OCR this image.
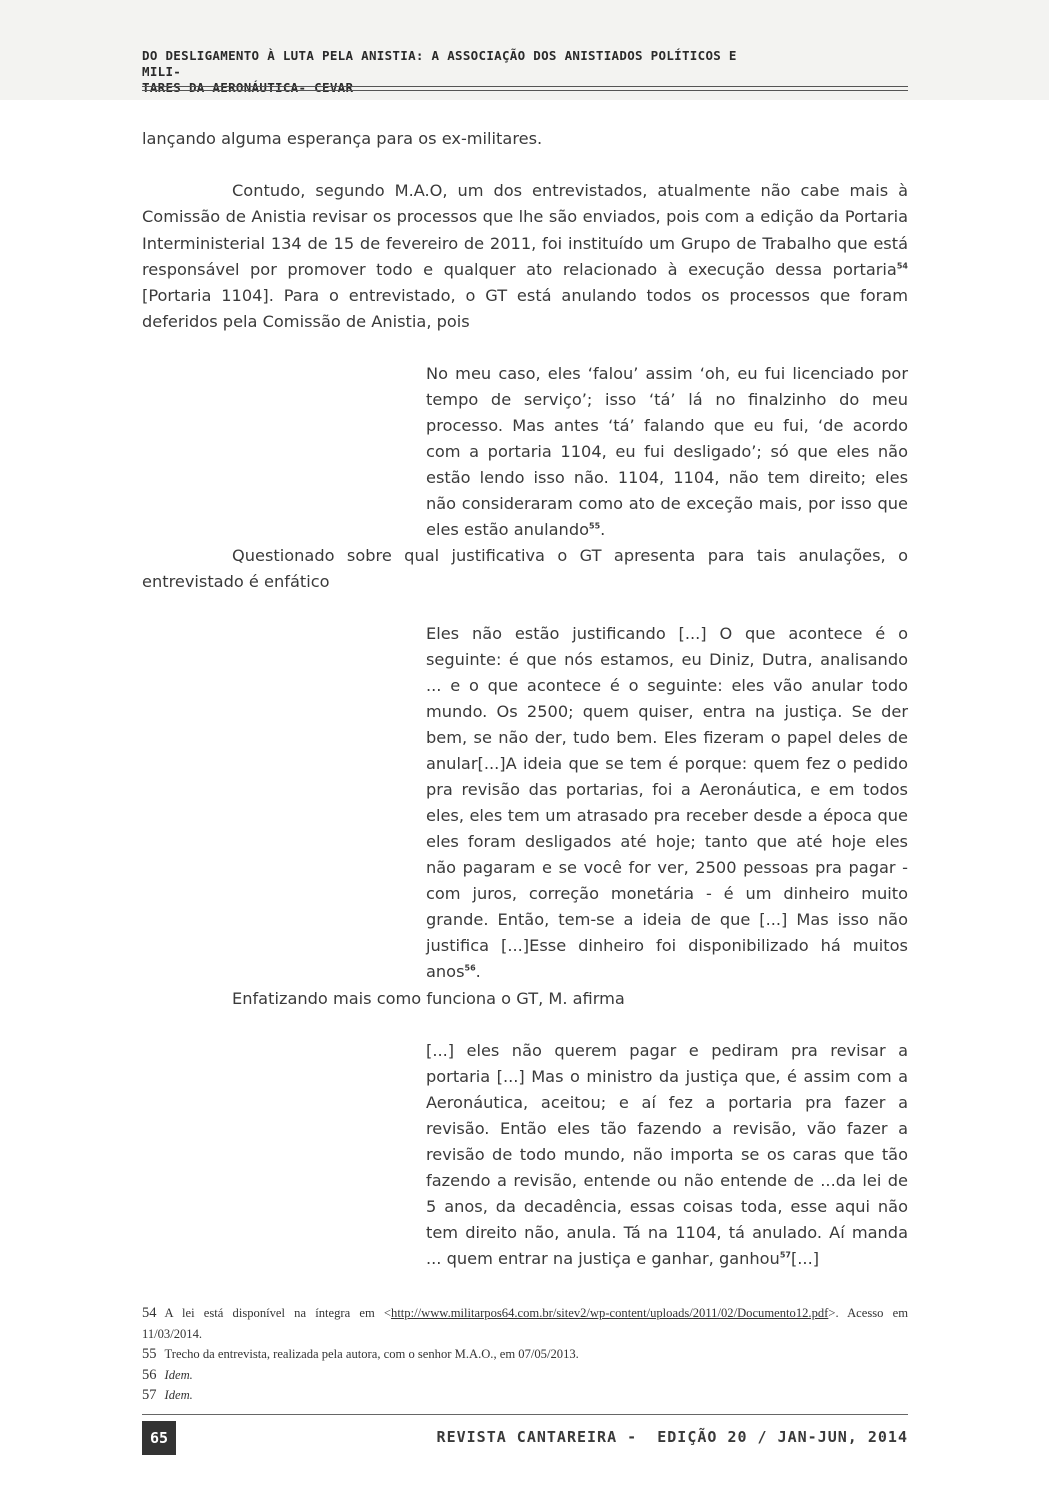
DO DESLIGAMENTO À LUTA PELA ANISTIA: A ASSOCIAÇÃO DOS ANISTIADOS POLÍTICOS E MILI-
TARES DA AERONÁUTICA- CEVAR

lançando alguma esperança para os ex-militares.

Contudo, segundo M.A.O, um dos entrevistados, atualmente não cabe mais à Comissão de Anistia revisar os processos que lhe são enviados, pois com a edição da Portaria Interministerial 134 de 15 de fevereiro de 2011, foi instituído um Grupo de Trabalho que está responsável por promover todo e qualquer ato relacionado à execução dessa portaria$^{54}$ [Portaria 1104]. Para o entrevistado, o GT está anulando todos os processos que foram deferidos pela Comissão de Anistia, pois

No meu caso, eles ‘falou’ assim ‘oh, eu fui licenciado por tempo de serviço’; isso ‘tá’ lá no finalzinho do meu processo. Mas antes ‘tá’ falando que eu fui, ‘de acordo com a portaria 1104, eu fui desligado’; só que eles não estão lendo isso não. 1104, 1104, não tem direito; eles não consideraram como ato de exceção mais, por isso que eles estão anulando$^{55}$.

Questionado sobre qual justificativa o GT apresenta para tais anulações, o entrevistado é enfático

Eles não estão justificando [...] O que acontece é o seguinte: é que nós estamos, eu Diniz, Dutra, analisando ... e o que acontece é o seguinte: eles vão anular todo mundo. Os 2500; quem quiser, entra na justiça. Se der bem, se não der, tudo bem. Eles fizeram o papel deles de anular[...]A ideia que se tem é porque: quem fez o pedido pra revisão das portarias, foi a Aeronáutica, e em todos eles, eles tem um atrasado pra receber desde a época que eles foram desligados até hoje; tanto que até hoje eles não pagaram e se você for ver, 2500 pessoas pra pagar - com juros, correção monetária - é um dinheiro muito grande. Então, tem-se a ideia de que [...] Mas isso não justifica [...]Esse dinheiro foi disponibilizado há muitos anos$^{56}$.

Enfatizando mais como funciona o GT, M. afirma

[...] eles não querem pagar e pediram pra revisar a portaria [...] Mas o ministro da justiça que, é assim com a Aeronáutica, aceitou; e aí fez a portaria pra fazer a revisão. Então eles tão fazendo a revisão, vão fazer a revisão de todo mundo, não importa se os caras que tão fazendo a revisão, entende ou não entende de ...da lei de 5 anos, da decadência, essas coisas toda, esse aqui não tem direito não, anula. Tá na 1104, tá anulado. Aí manda ... quem entrar na justiça e ganhar, ganhou$^{57}$[...]

54 A lei está disponível na íntegra em <http://www.militarpos64.com.br/sitev2/wp-content/uploads/2011/02/Documento12.pdf>. Acesso em 11/03/2014.

55 Trecho da entrevista, realizada pela autora, com o senhor M.A.O., em 07/05/2013.

56 Idem.

57 Idem.

65	REVISTA CANTAREIRA -  EDIÇÃO 20 / JAN-JUN, 2014
